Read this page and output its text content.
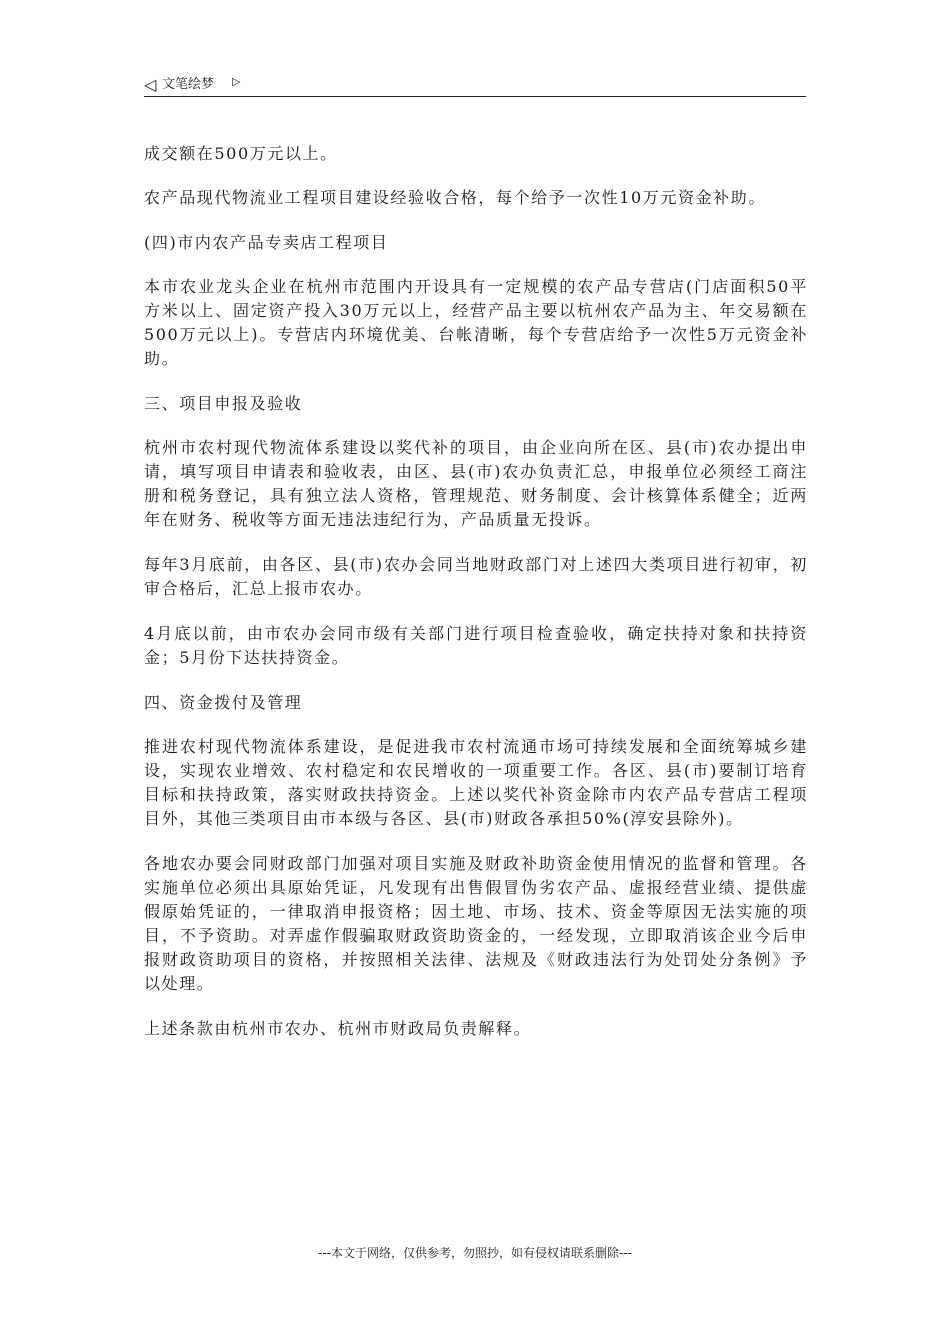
◁ 文笔绘梦 ▷

成交额在500万元以上。

农产品现代物流业工程项目建设经验收合格，每个给予一次性10万元资金补助。

(四)市内农产品专卖店工程项目

本市农业龙头企业在杭州市范围内开设具有一定规模的农产品专营店(门店面积50平方米以上、固定资产投入30万元以上，经营产品主要以杭州农产品为主、年交易额在500万元以上)。专营店内环境优美、台帐清晰，每个专营店给予一次性5万元资金补助。

三、项目申报及验收

杭州市农村现代物流体系建设以奖代补的项目，由企业向所在区、县(市)农办提出申请，填写项目申请表和验收表，由区、县(市)农办负责汇总，申报单位必须经工商注册和税务登记，具有独立法人资格，管理规范、财务制度、会计核算体系健全；近两年在财务、税收等方面无违法违纪行为，产品质量无投诉。

每年3月底前，由各区、县(市)农办会同当地财政部门对上述四大类项目进行初审，初审合格后，汇总上报市农办。

4月底以前，由市农办会同市级有关部门进行项目检查验收，确定扶持对象和扶持资金；5月份下达扶持资金。

四、资金拨付及管理

推进农村现代物流体系建设，是促进我市农村流通市场可持续发展和全面统筹城乡建设，实现农业增效、农村稳定和农民增收的一项重要工作。各区、县(市)要制订培育目标和扶持政策，落实财政扶持资金。上述以奖代补资金除市内农产品专营店工程项目外，其他三类项目由市本级与各区、县(市)财政各承担50%(淳安县除外)。

各地农办要会同财政部门加强对项目实施及财政补助资金使用情况的监督和管理。各实施单位必须出具原始凭证，凡发现有出售假冒伪劣农产品、虚报经营业绩、提供虚假原始凭证的，一律取消申报资格；因土地、市场、技术、资金等原因无法实施的项目，不予资助。对弄虚作假骗取财政资助资金的，一经发现，立即取消该企业今后申报财政资助项目的资格，并按照相关法律、法规及《财政违法行为处罚处分条例》予以处理。

上述条款由杭州市农办、杭州市财政局负责解释。

---本文于网络，仅供参考，勿照抄，如有侵权请联系删除---
